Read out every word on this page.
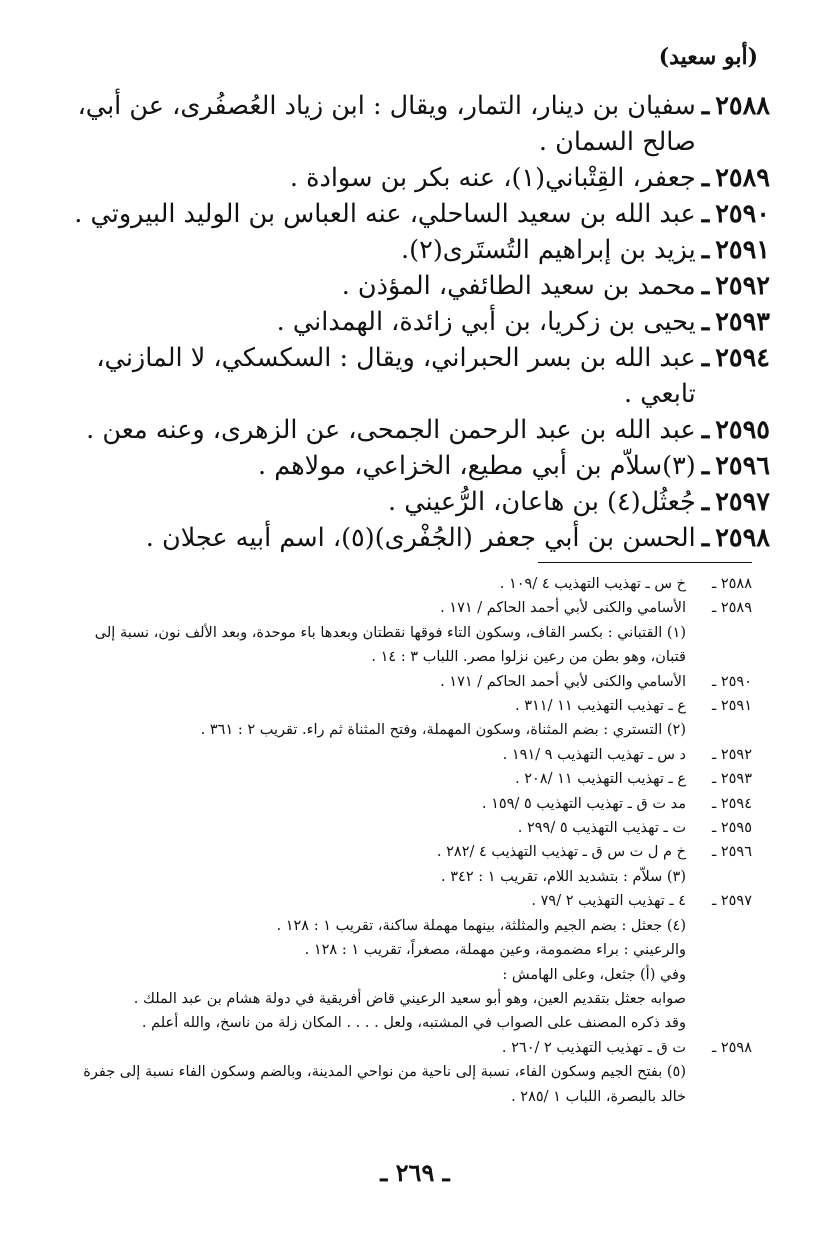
(أبو سعيد)
٢٥٨٨
ـ
سفيان بن دينار، التمار، ويقال : ابن زياد العُصفُرى، عن أبي، صالح السمان .
٢٥٨٩
ـ
جعفر، القِتْباني(١)، عنه بكر بن سوادة .
٢٥٩٠
ـ
عبد الله بن سعيد الساحلي، عنه العباس بن الوليد البيروتي .
٢٥٩١
ـ
يزيد بن إبراهيم التُستَرى(٢).
٢٥٩٢
ـ
محمد بن سعيد الطائفي، المؤذن .
٢٥٩٣
ـ
يحيى بن زكريا، بن أبي زائدة، الهمداني .
٢٥٩٤
ـ
عبد الله بن بسر الحبراني، ويقال : السكسكي، لا المازني، تابعي .
٢٥٩٥
ـ
عبد الله بن عبد الرحمن الجمحى، عن الزهرى، وعنه معن .
٢٥٩٦
ـ
(٣)سلاّم بن أبي مطيع، الخزاعي، مولاهم .
٢٥٩٧
ـ
جُعثُل(٤) بن هاعان، الرُّعيني .
٢٥٩٨
ـ
الحسن بن أبي جعفر (الجُفْرى)(٥)، اسم أبيه عجلان .
٢٥٨٨ ـ
خ س ـ تهذيب التهذيب ٤ /١٠٩ .
٢٥٨٩ ـ
الأسامي والكنى لأبي أحمد الحاكم / ١٧١ .
(١) القتباني : بكسر القاف، وسكون التاء فوقها نقطتان وبعدها باء موحدة، وبعد الألف نون، نسبة إلى قتبان، وهو بطن من رعين نزلوا مصر. اللباب ٣ : ١٤ .
٢٥٩٠ ـ
الأسامي والكنى لأبي أحمد الحاكم / ١٧١ .
٢٥٩١ ـ
ع ـ تهذيب التهذيب ١١ /٣١١ .
(٢) التستري : بضم المثناة، وسكون المهملة، وفتح المثناة ثم راء. تقريب ٢ : ٣٦١ .
٢٥٩٢ ـ
د س ـ تهذيب التهذيب ٩ /١٩١ .
٢٥٩٣ ـ
ع ـ تهذيب التهذيب ١١ /٢٠٨ .
٢٥٩٤ ـ
مد ت ق ـ تهذيب التهذيب ٥ /١٥٩ .
٢٥٩٥ ـ
ت ـ تهذيب التهذيب ٥ /٢٩٩ .
٢٥٩٦ ـ
خ م ل ت س ق ـ تهذيب التهذيب ٤ /٢٨٢ .
(٣) سلاّم : بتشديد اللام، تقريب ١ : ٣٤٢ .
٢٥٩٧ ـ
٤ ـ تهذيب التهذيب ٢ /٧٩ .
(٤) جعثل : بضم الجيم والمثلثة، بينهما مهملة ساكنة، تقريب ١ : ١٢٨ .
والرعيني : براء مضمومة، وعين مهملة، مصغراً، تقريب ١ : ١٢٨ .
وفي (أ) جثعل، وعلى الهامش :
صوابه جعثل بتقديم العين، وهو أبو سعيد الرعيني قاض أفريقية في دولة هشام بن عبد الملك .
وقد ذكره المصنف على الصواب في المشتبه، ولعل . . . . المكان زلة من ناسخ، والله أعلم .
٢٥٩٨ ـ
ت ق ـ تهذيب التهذيب ٢ /٢٦٠ .
(٥) بفتح الجيم وسكون الفاء، نسبة إلى ناحية من نواحي المدينة، وبالضم وسكون الفاء نسبة إلى جفرة خالد بالبصرة، اللباب ١ /٢٨٥ .
ـ ٢٦٩ ـ
